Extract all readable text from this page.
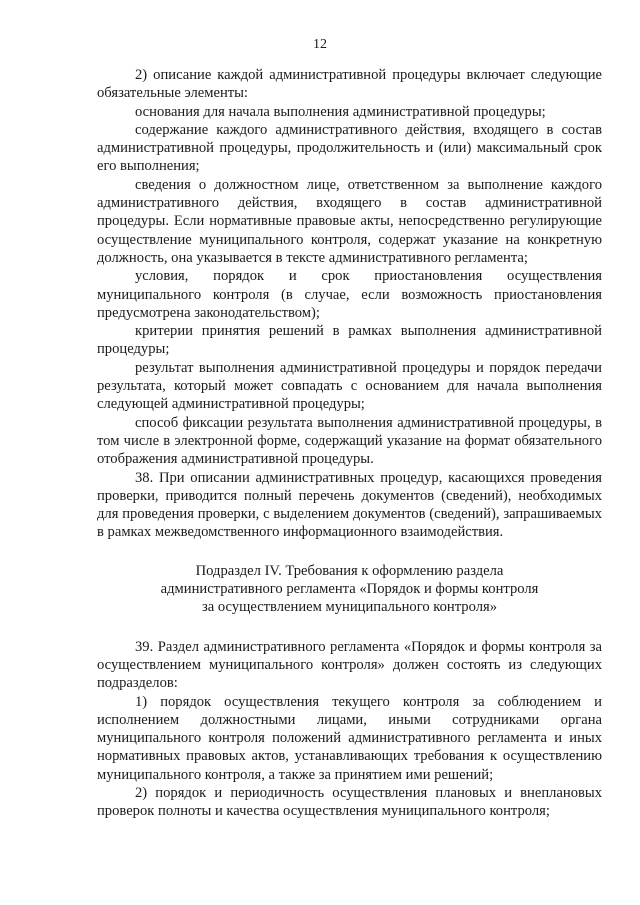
12

2) описание каждой административной процедуры включает следующие обязательные элементы:

основания для начала выполнения административной процедуры;

содержание каждого административного действия, входящего в состав административной процедуры, продолжительность и (или) максимальный срок его выполнения;

сведения о должностном лице, ответственном за выполнение каждого административного действия, входящего в состав административной процедуры. Если нормативные правовые акты, непосредственно регулирующие осуществление муниципального контроля, содержат указание на конкретную должность, она указывается в тексте административного регламента;

условия, порядок и срок приостановления осуществления муниципального контроля (в случае, если возможность приостановления предусмотрена законодательством);

критерии принятия решений в рамках выполнения административной процедуры;

результат выполнения административной процедуры и порядок передачи результата, который может совпадать с основанием для начала выполнения следующей административной процедуры;

способ фиксации результата выполнения административной процедуры, в том числе в электронной форме, содержащий указание на формат обязательного отображения административной процедуры.

38. При описании административных процедур, касающихся проведения проверки, приводится полный перечень документов (сведений), необходимых для проведения проверки, с выделением документов (сведений), запрашиваемых в рамках межведомственного информационного взаимодействия.

Подраздел IV. Требования к оформлению раздела
административного регламента «Порядок и формы контроля
за осуществлением муниципального контроля»

39. Раздел административного регламента «Порядок и формы контроля за осуществлением муниципального контроля» должен состоять из следующих подразделов:

1) порядок осуществления текущего контроля за соблюдением и исполнением должностными лицами, иными сотрудниками органа муниципального контроля положений административного регламента и иных нормативных правовых актов, устанавливающих требования к осуществлению муниципального контроля, а также за принятием ими решений;

2) порядок и периодичность осуществления плановых и внеплановых проверок полноты и качества осуществления муниципального контроля;
